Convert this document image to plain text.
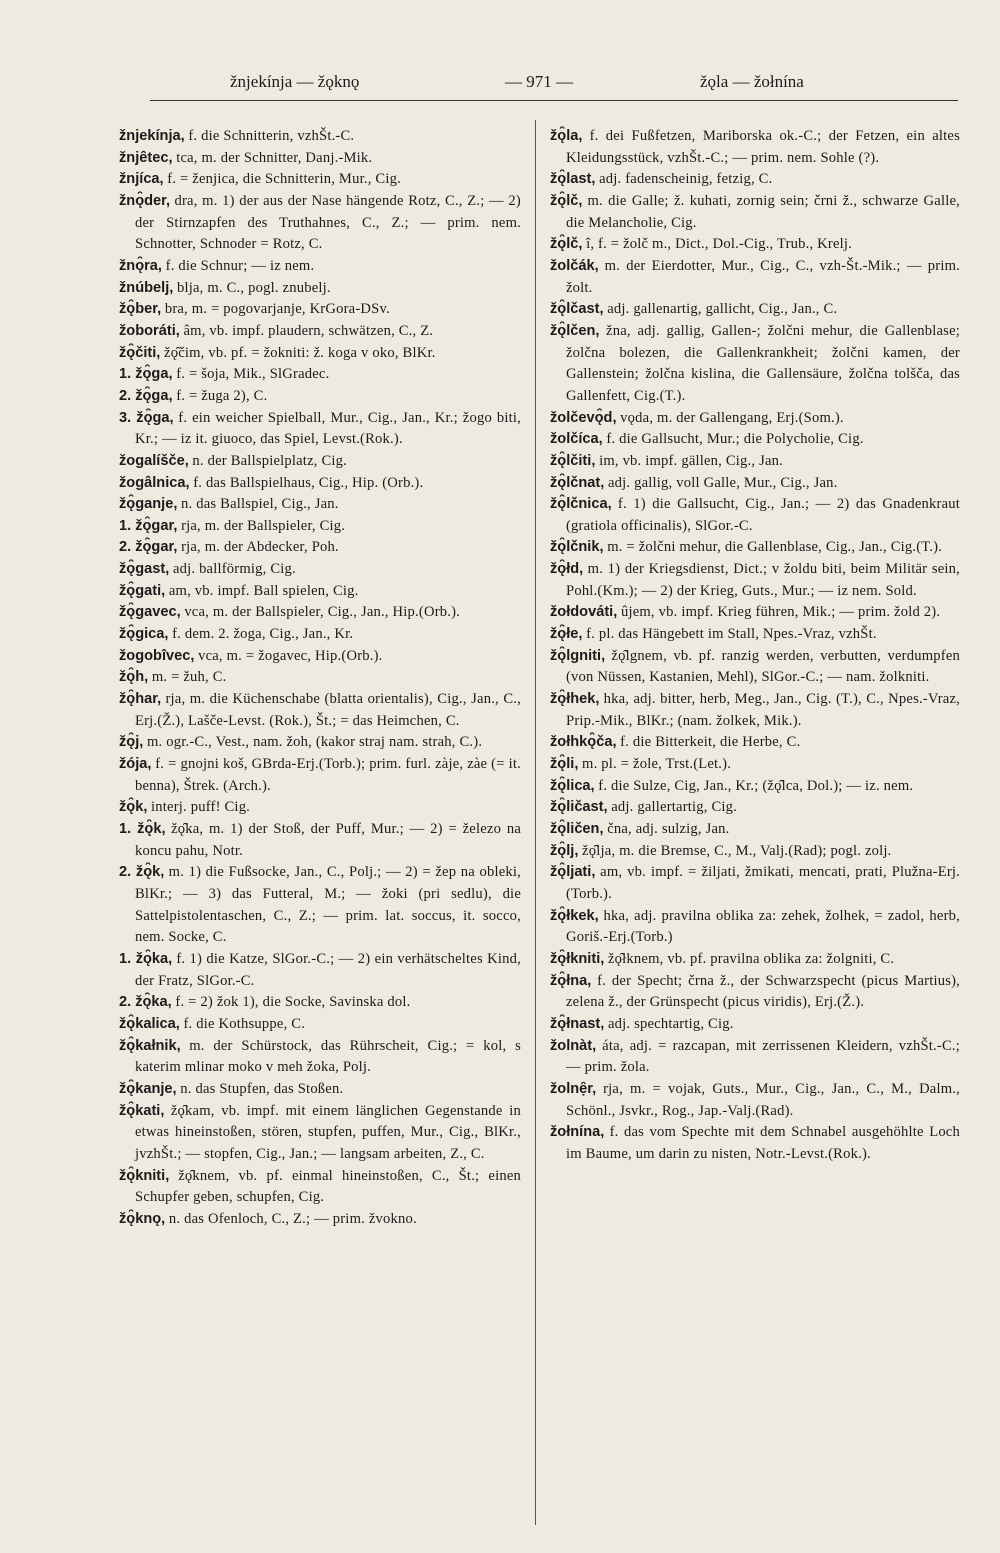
žnjekínja — žǫknǫ	— 971 —	žǫla — žołnína

žnjekínja, f. die Schnitterin, vzhŠt.-C.

žnjêtec, tca, m. der Schnitter, Danj.-Mik.

žnjíca, f. = ženjica, die Schnitterin, Mur., Cig.

žnǫ̑der, dra, m. 1) der aus der Nase hängende Rotz, C., Z.; — 2) der Stirnzapfen des Truthahnes, C., Z.; — prim. nem. Schnotter, Schnoder = Rotz, C.

žnǫ̑ra, f. die Schnur; — iz nem.

žnúbelj, blja, m. C., pogl. znubelj.

žǫ̑ber, bra, m. = pogovarjanje, KrGora-DSv.

žoboráti, âm, vb. impf. plaudern, schwätzen, C., Z.

žǫ̑čiti, žǫ̑čim, vb. pf. = žokniti: ž. koga v oko, BlKr.

1. žǫ̑ga, f. = šoja, Mik., SlGradec.

2. žǫ̑ga, f. = žuga 2), C.

3. žǫ̑ga, f. ein weicher Spielball, Mur., Cig., Jan., Kr.; žogo biti, Kr.; — iz it. giuoco, das Spiel, Levst.(Rok.).

žogalíšče, n. der Ballspielplatz, Cig.

žogâlnica, f. das Ballspielhaus, Cig., Hip. (Orb.).

žǫ̑ganje, n. das Ballspiel, Cig., Jan.

1. žǫ̑gar, rja, m. der Ballspieler, Cig.

2. žǫ̑gar, rja, m. der Abdecker, Poh.

žǫ̑gast, adj. ballförmig, Cig.

žǫ̑gati, am, vb. impf. Ball spielen, Cig.

žǫ̑gavec, vca, m. der Ballspieler, Cig., Jan., Hip.(Orb.).

žǫ̑gica, f. dem. 2. žoga, Cig., Jan., Kr.

žogobîvec, vca, m. = žogavec, Hip.(Orb.).

žǫ̑h, m. = žuh, C.

žǫ̑har, rja, m. die Küchenschabe (blatta orientalis), Cig., Jan., C., Erj.(Ž.), Lašče-Levst. (Rok.), Št.; = das Heimchen, C.

žǫ̑j, m. ogr.-C., Vest., nam. žoh, (kakor straj nam. strah, C.).

žója, f. = gnojni koš, GBrda-Erj.(Torb.); prim. furl. zàje, zàe (= it. benna), Štrek. (Arch.).

žǫ̑k, interj. puff! Cig.

1. žǫ̑k, žǫ̑ka, m. 1) der Stoß, der Puff, Mur.; — 2) = železo na koncu pahu, Notr.

2. žǫ̑k, m. 1) die Fußsocke, Jan., C., Polj.; — 2) = žep na obleki, BlKr.; — 3) das Futteral, M.; — žoki (pri sedlu), die Sattelpistolentaschen, C., Z.; — prim. lat. soccus, it. socco, nem. Socke, C.

1. žǫ̑ka, f. 1) die Katze, SlGor.-C.; — 2) ein verhätscheltes Kind, der Fratz, SlGor.-C.

2. žǫ̑ka, f. = 2) žok 1), die Socke, Savinska dol.

žǫ̑kalica, f. die Kothsuppe, C.

žǫ̑kałnik, m. der Schürstock, das Rührscheit, Cig.; = kol, s katerim mlinar moko v meh žoka, Polj.

žǫ̑kanje, n. das Stupfen, das Stoßen.

žǫ̑kati, žǫ̑kam, vb. impf. mit einem länglichen Gegenstande in etwas hineinstoßen, stören, stupfen, puffen, Mur., Cig., BlKr., jvzhŠt.; — stopfen, Cig., Jan.; — langsam arbeiten, Z., C.

žǫ̑kniti, žǫ̑knem, vb. pf. einmal hineinstoßen, C., Št.; einen Schupfer geben, schupfen, Cig.

žǫ̑knǫ, n. das Ofenloch, C., Z.; — prim. žvokno.

žǫ̑la, f. dei Fußfetzen, Mariborska ok.-C.; der Fetzen, ein altes Kleidungsstück, vzhŠt.-C.; — prim. nem. Sohle (?).

žǫ̑last, adj. fadenscheinig, fetzig, C.

žǫ̑lč, m. die Galle; ž. kuhati, zornig sein; črni ž., schwarze Galle, die Melancholie, Cig.

žǫ̑lč, î, f. = žolč m., Dict., Dol.-Cig., Trub., Krelj.

žolčák, m. der Eierdotter, Mur., Cig., C., vzh-Št.-Mik.; — prim. žolt.

žǫ̑lčast, adj. gallenartig, gallicht, Cig., Jan., C.

žǫ̑lčen, žna, adj. gallig, Gallen-; žolčni mehur, die Gallenblase; žolčna bolezen, die Gallenkrankheit; žolčni kamen, der Gallenstein; žolčna kislina, die Gallensäure, žolčna tolšča, das Gallenfett, Cig.(T.).

žolčevǫ̑d, vǫda, m. der Gallengang, Erj.(Som.).

žolčíca, f. die Gallsucht, Mur.; die Polycholie, Cig.

žǫ̑lčiti, im, vb. impf. gällen, Cig., Jan.

žǫ̑lčnat, adj. gallig, voll Galle, Mur., Cig., Jan.

žǫ̑lčnica, f. 1) die Gallsucht, Cig., Jan.; — 2) das Gnadenkraut (gratiola officinalis), SlGor.-C.

žǫ̑lčnik, m. = žolčni mehur, die Gallenblase, Cig., Jan., Cig.(T.).

žǫ̑łd, m. 1) der Kriegsdienst, Dict.; v žoldu biti, beim Militär sein, Pohl.(Km.); — 2) der Krieg, Guts., Mur.; — iz nem. Sold.

žołdováti, ûjem, vb. impf. Krieg führen, Mik.; — prim. žold 2).

žǫ̑łe, f. pl. das Hängebett im Stall, Npes.-Vraz, vzhŠt.

žǫ̑lgniti, žǫ̑lgnem, vb. pf. ranzig werden, verbutten, verdumpfen (von Nüssen, Kastanien, Mehl), SlGor.-C.; — nam. žolkniti.

žǫ̑łhek, hka, adj. bitter, herb, Meg., Jan., Cig. (T.), C., Npes.-Vraz, Prip.-Mik., BlKr.; (nam. žolkek, Mik.).

žołhkǫ̑ča, f. die Bitterkeit, die Herbe, C.

žǫ̑li, m. pl. = žole, Trst.(Let.).

žǫ̑lica, f. die Sulze, Cig, Jan., Kr.; (žǫ̑lca, Dol.); — iz. nem.

žǫ̑ličast, adj. gallertartig, Cig.

žǫ̑ličen, čna, adj. sulzig, Jan.

žǫ̑lj, žǫ̑lja, m. die Bremse, C., M., Valj.(Rad); pogl. zolj.

žǫ̑ljati, am, vb. impf. = žiljati, žmikati, mencati, prati, Plužna-Erj.(Torb.).

žǫ̑łkek, hka, adj. pravilna oblika za: zehek, žolhek, = zadol, herb, Goriš.-Erj.(Torb.)

žǫ̑łkniti, žǫ̑łknem, vb. pf. pravilna oblika za: žolgniti, C.

žǫ̑łna, f. der Specht; črna ž., der Schwarzspecht (picus Martius), zelena ž., der Grünspecht (picus viridis), Erj.(Ž.).

žǫ̑łnast, adj. spechtartig, Cig.

žolnàt, áta, adj. = razcapan, mit zerrissenen Kleidern, vzhŠt.-C.; — prim. žola.

žolnẹ̑r, rja, m. = vojak, Guts., Mur., Cig., Jan., C., M., Dalm., Schönl., Jsvkr., Rog., Jap.-Valj.(Rad).

žołnína, f. das vom Spechte mit dem Schnabel ausgehöhlte Loch im Baume, um darin zu nisten, Notr.-Levst.(Rok.).
